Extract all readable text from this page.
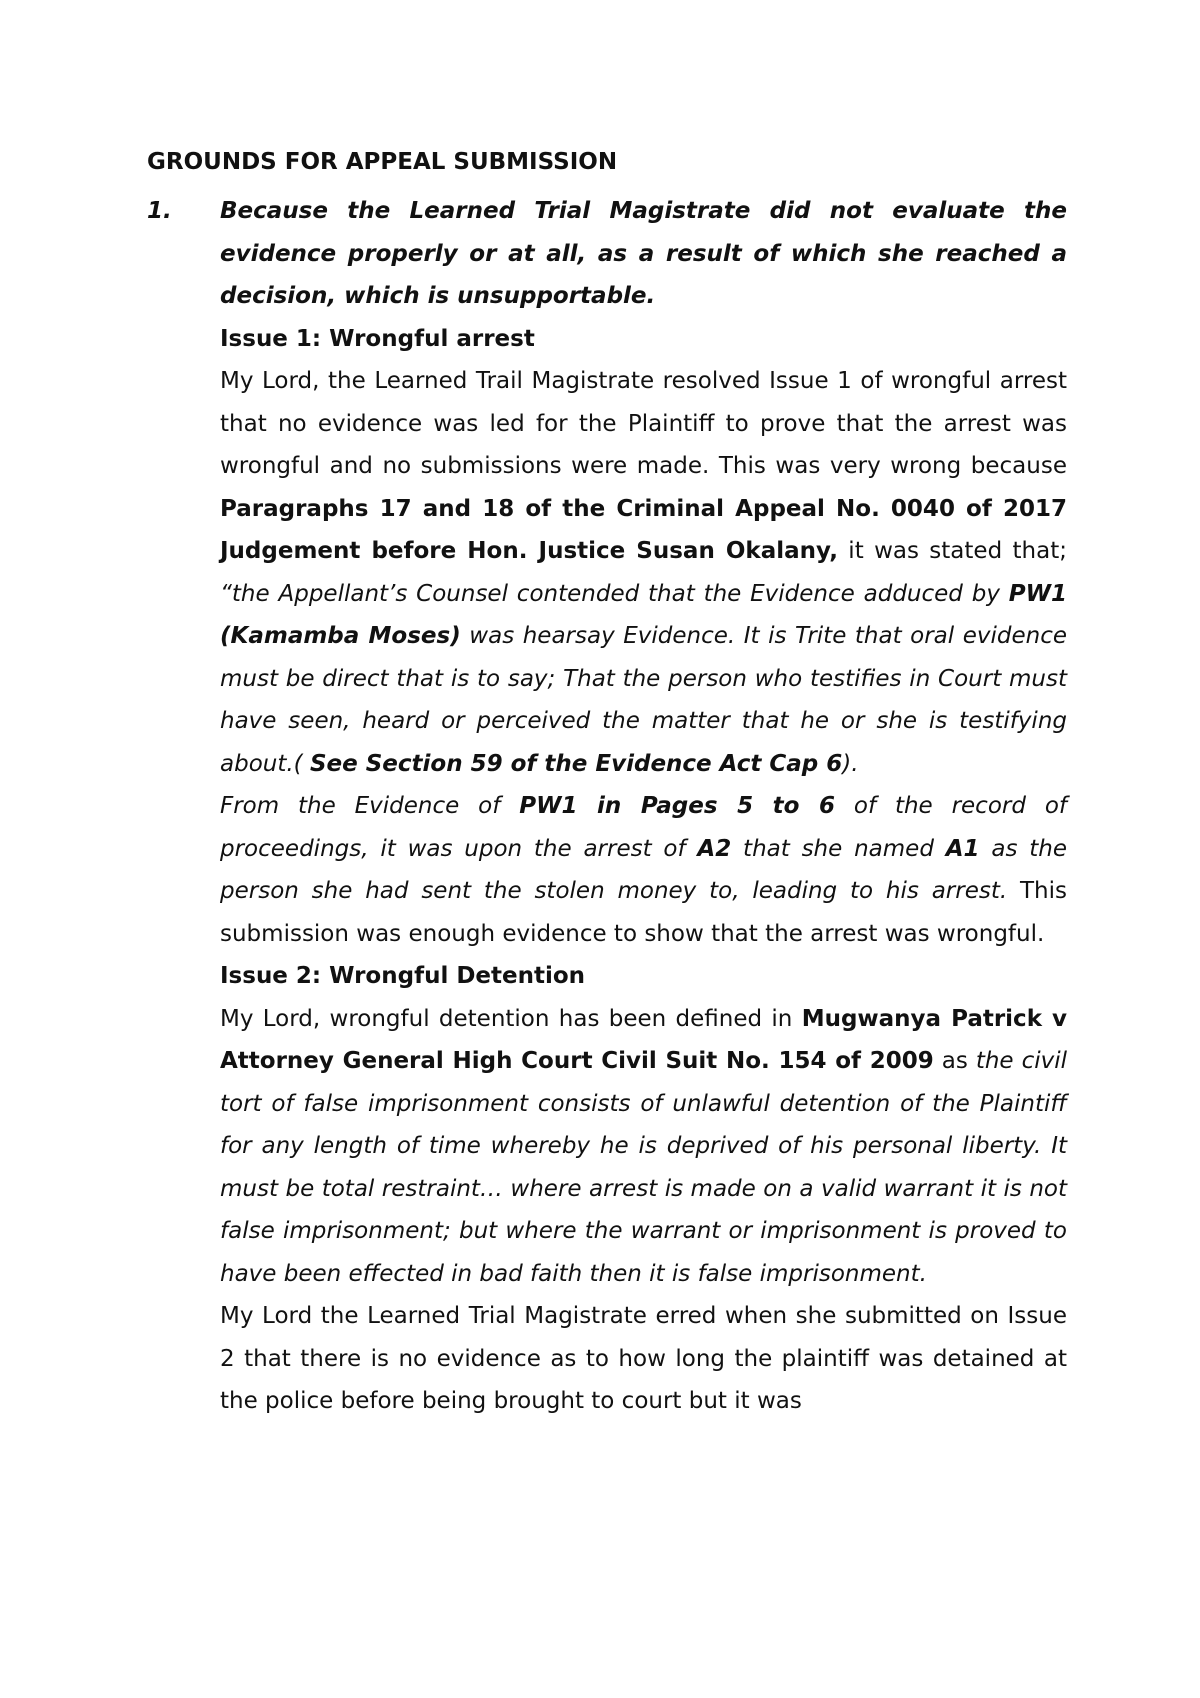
GROUNDS FOR APPEAL SUBMISSION
1. Because the Learned Trial Magistrate did not evaluate the evidence properly or at all, as a result of which she reached a decision, which is unsupportable.

Issue 1: Wrongful arrest

My Lord, the Learned Trail Magistrate resolved Issue 1 of wrongful arrest that no evidence was led for the Plaintiff to prove that the arrest was wrongful and no submissions were made. This was very wrong because Paragraphs 17 and 18 of the Criminal Appeal No. 0040 of 2017 Judgement before Hon. Justice Susan Okalany, it was stated that; “the Appellant’s Counsel contended that the Evidence adduced by PW1 (Kamamba Moses) was hearsay Evidence. It is Trite that oral evidence must be direct that is to say; That the person who testifies in Court must have seen, heard or perceived the matter that he or she is testifying about.( See Section 59 of the Evidence Act Cap 6).

From the Evidence of PW1 in Pages 5 to 6 of the record of proceedings, it was upon the arrest of A2 that she named A1 as the person she had sent the stolen money to, leading to his arrest. This submission was enough evidence to show that the arrest was wrongful.

Issue 2: Wrongful Detention

My Lord, wrongful detention has been defined in Mugwanya Patrick v Attorney General High Court Civil Suit No. 154 of 2009 as the civil tort of false imprisonment consists of unlawful detention of the Plaintiff for any length of time whereby he is deprived of his personal liberty. It must be total restraint… where arrest is made on a valid warrant it is not false imprisonment; but where the warrant or imprisonment is proved to have been effected in bad faith then it is false imprisonment.

My Lord the Learned Trial Magistrate erred when she submitted on Issue 2 that there is no evidence as to how long the plaintiff was detained at the police before being brought to court but it was
